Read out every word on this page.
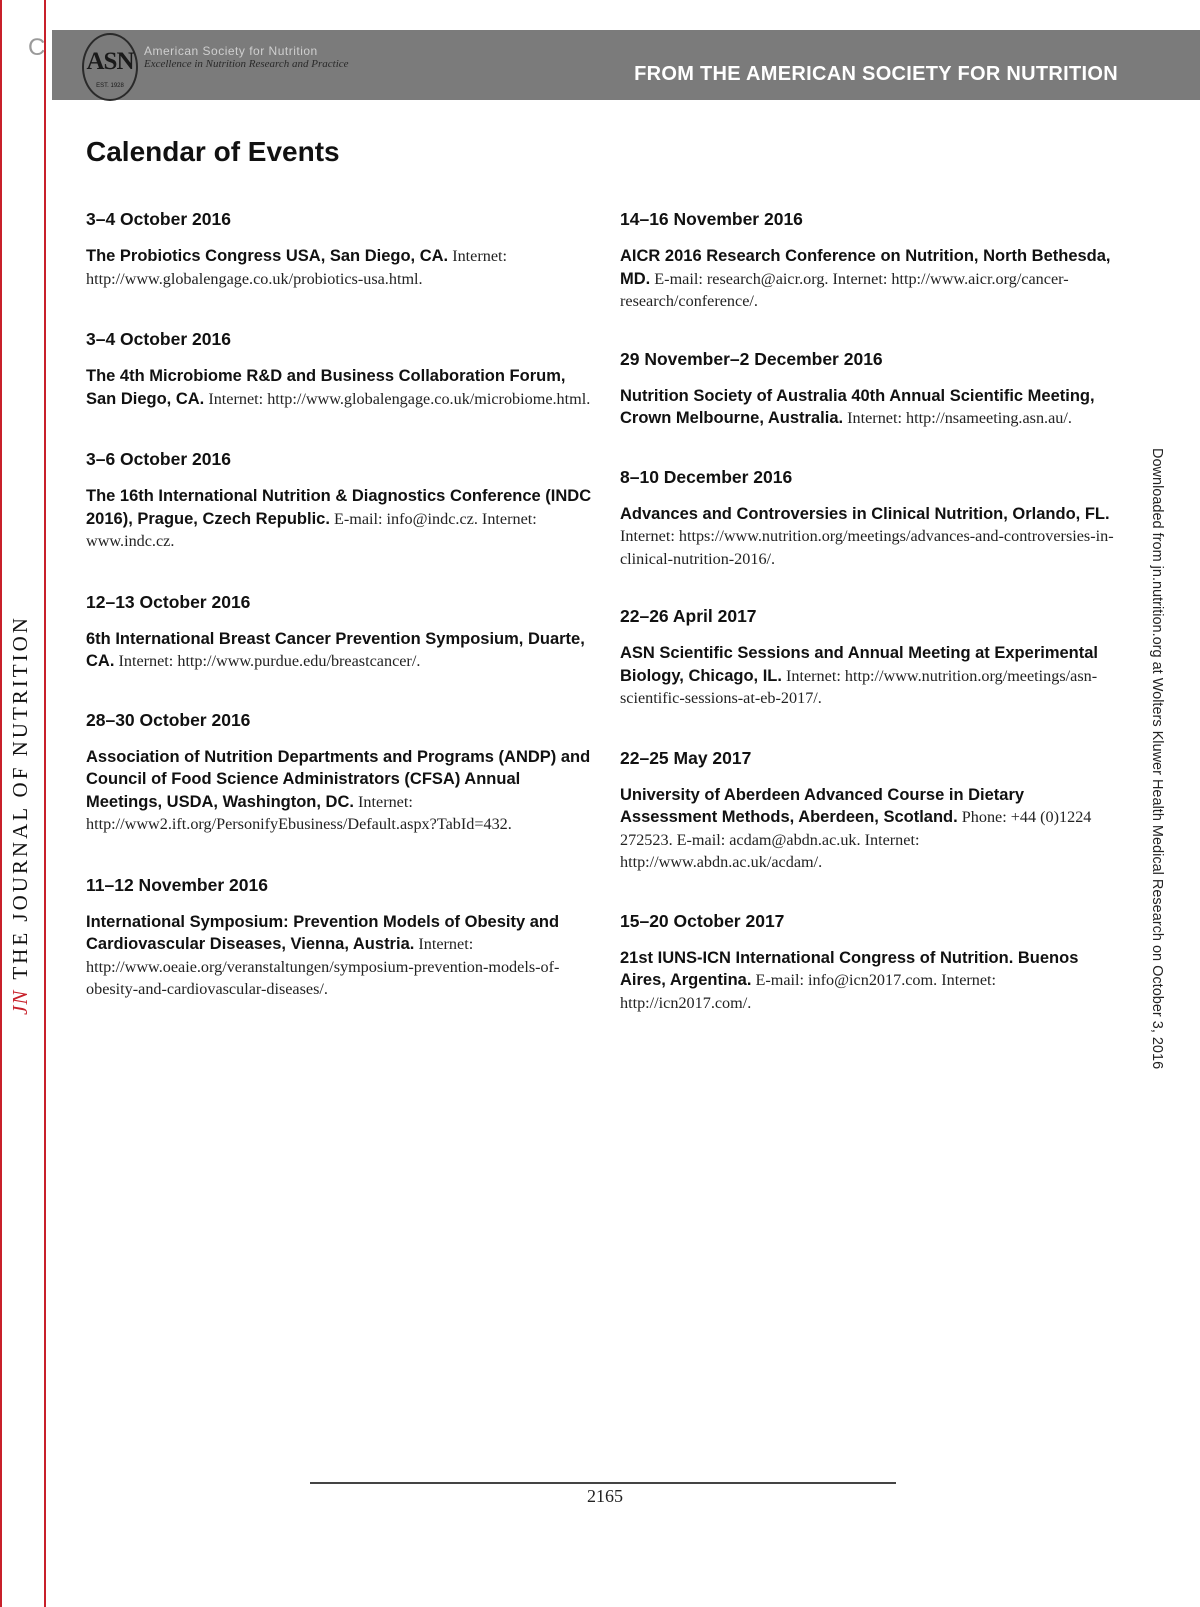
C
JNTHE JOURNAL OF NUTRITION
ASN
EST. 1928
American Society for Nutrition
Excellence in Nutrition Research and Practice	FROM THE AMERICAN SOCIETY FOR NUTRITION
Calendar of Events
3–4 October 2016

The Probiotics Congress USA, San Diego, CA. Internet: http://www.globalengage.co.uk/probiotics-usa.html.

3–4 October 2016

The 4th Microbiome R&D and Business Collaboration Forum, San Diego, CA. Internet: http://www.globalengage.co.uk/microbiome.html.

3–6 October 2016

The 16th International Nutrition & Diagnostics Conference (INDC 2016), Prague, Czech Republic. E-mail: info@indc.cz. Internet: www.indc.cz.

12–13 October 2016

6th International Breast Cancer Prevention Symposium, Duarte, CA. Internet: http://www.purdue.edu/breastcancer/.

28–30 October 2016

Association of Nutrition Departments and Programs (ANDP) and Council of Food Science Administrators (CFSA) Annual Meetings, USDA, Washington, DC. Internet: http://www2.ift.org/PersonifyEbusiness/Default.aspx?TabId=432.

11–12 November 2016

International Symposium: Prevention Models of Obesity and Cardiovascular Diseases, Vienna, Austria. Internet: http://www.oeaie.org/veranstaltungen/symposium-prevention-models-of-obesity-and-cardiovascular-diseases/.

14–16 November 2016

AICR 2016 Research Conference on Nutrition, North Bethesda, MD. E-mail: research@aicr.org. Internet: http://www.aicr.org/cancer-research/conference/.

29 November–2 December 2016

Nutrition Society of Australia 40th Annual Scientific Meeting, Crown Melbourne, Australia. Internet: http://nsameeting.asn.au/.

8–10 December 2016

Advances and Controversies in Clinical Nutrition, Orlando, FL. Internet: https://www.nutrition.org/meetings/advances-and-controversies-in-clinical-nutrition-2016/.

22–26 April 2017

ASN Scientific Sessions and Annual Meeting at Experimental Biology, Chicago, IL. Internet: http://www.nutrition.org/meetings/asn-scientific-sessions-at-eb-2017/.

22–25 May 2017

University of Aberdeen Advanced Course in Dietary Assessment Methods, Aberdeen, Scotland. Phone: +44 (0)1224 272523. E-mail: acdam@abdn.ac.uk. Internet: http://www.abdn.ac.uk/acdam/.

15–20 October 2017

21st IUNS-ICN International Congress of Nutrition. Buenos Aires, Argentina. E-mail: info@icn2017.com. Internet: http://icn2017.com/.	Downloaded from jn.nutrition.org at Wolters Kluwer Health Medical Research on October 3, 2016
2165
